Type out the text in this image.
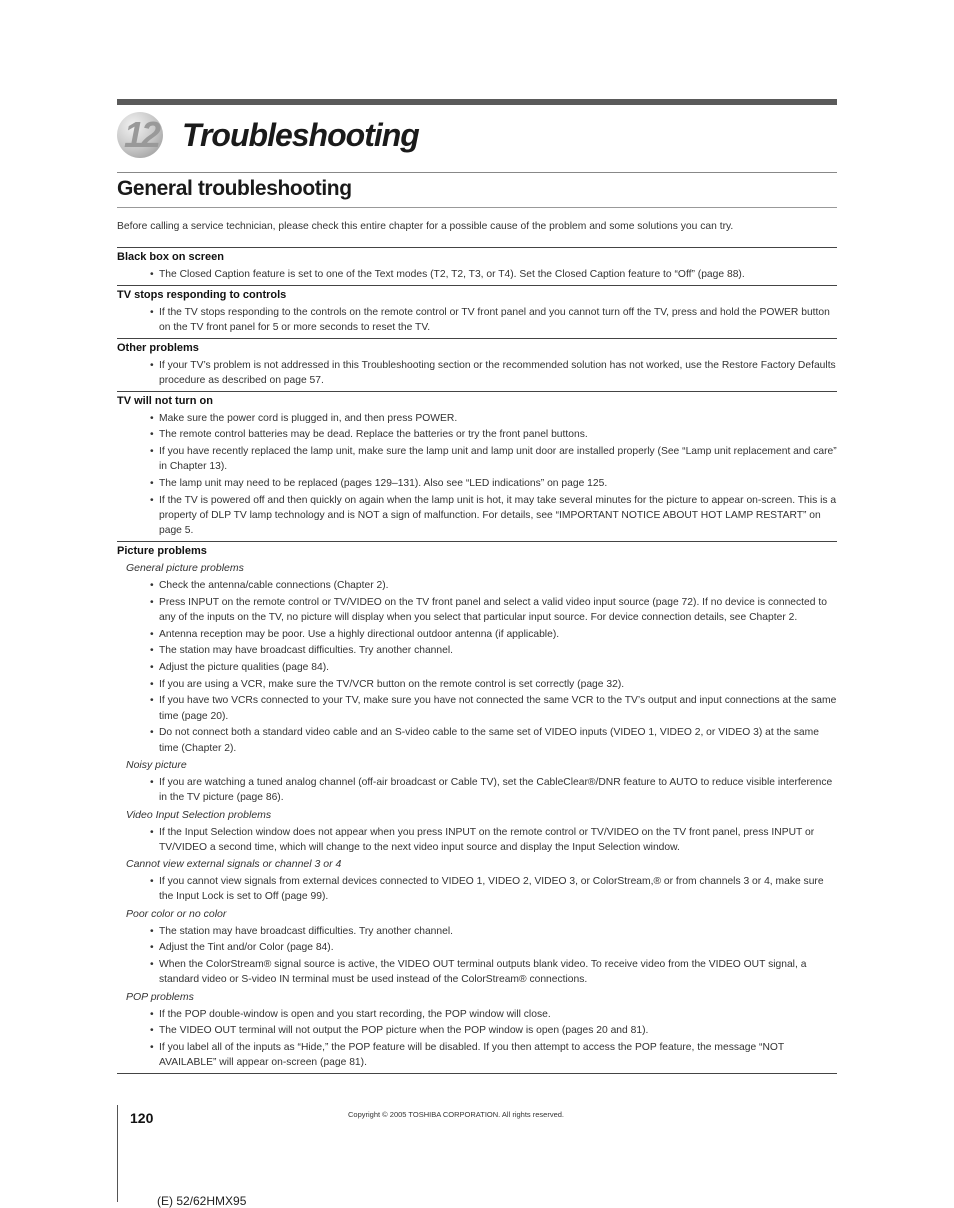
12 Troubleshooting
General troubleshooting
Before calling a service technician, please check this entire chapter for a possible cause of the problem and some solutions you can try.
Black box on screen
• The Closed Caption feature is set to one of the Text modes (T2, T2, T3, or T4). Set the Closed Caption feature to “Off” (page 88).
TV stops responding to controls
• If the TV stops responding to the controls on the remote control or TV front panel and you cannot turn off the TV, press and hold the POWER button on the TV front panel for 5 or more seconds to reset the TV.
Other problems
• If your TV’s problem is not addressed in this Troubleshooting section or the recommended solution has not worked, use the Restore Factory Defaults procedure as described on page 57.
TV will not turn on
• Make sure the power cord is plugged in, and then press POWER.
• The remote control batteries may be dead. Replace the batteries or try the front panel buttons.
• If you have recently replaced the lamp unit, make sure the lamp unit and lamp unit door are installed properly (See “Lamp unit replacement and care” in Chapter 13).
• The lamp unit may need to be replaced (pages 129–131). Also see “LED indications” on page 125.
• If the TV is powered off and then quickly on again when the lamp unit is hot, it may take several minutes for the picture to appear on-screen. This is a property of DLP TV lamp technology and is NOT a sign of malfunction. For details, see “IMPORTANT NOTICE ABOUT HOT LAMP RESTART” on page 5.
Picture problems
General picture problems
• Check the antenna/cable connections (Chapter 2).
• Press INPUT on the remote control or TV/VIDEO on the TV front panel and select a valid video input source (page 72). If no device is connected to any of the inputs on the TV, no picture will display when you select that particular input source. For device connection details, see Chapter 2.
• Antenna reception may be poor. Use a highly directional outdoor antenna (if applicable).
• The station may have broadcast difficulties. Try another channel.
• Adjust the picture qualities (page 84).
• If you are using a VCR, make sure the TV/VCR button on the remote control is set correctly (page 32).
• If you have two VCRs connected to your TV, make sure you have not connected the same VCR to the TV’s output and input connections at the same time (page 20).
• Do not connect both a standard video cable and an S-video cable to the same set of VIDEO inputs (VIDEO 1, VIDEO 2, or VIDEO 3) at the same time (Chapter 2).
Noisy picture
• If you are watching a tuned analog channel (off-air broadcast or Cable TV), set the CableClear®/DNR feature to AUTO to reduce visible interference in the TV picture (page 86).
Video Input Selection problems
• If the Input Selection window does not appear when you press INPUT on the remote control or TV/VIDEO on the TV front panel, press INPUT or TV/VIDEO a second time, which will change to the next video input source and display the Input Selection window.
Cannot view external signals or channel 3 or 4
• If you cannot view signals from external devices connected to VIDEO 1, VIDEO 2, VIDEO 3, or ColorStream,® or from channels 3 or 4, make sure the Input Lock is set to Off (page 99).
Poor color or no color
• The station may have broadcast difficulties. Try another channel.
• Adjust the Tint and/or Color (page 84).
• When the ColorStream® signal source is active, the VIDEO OUT terminal outputs blank video. To receive video from the VIDEO OUT signal, a standard video or S-video IN terminal must be used instead of the ColorStream® connections.
POP problems
• If the POP double-window is open and you start recording, the POP window will close.
• The VIDEO OUT terminal will not output the POP picture when the POP window is open (pages 20 and 81).
• If you label all of the inputs as “Hide,” the POP feature will be disabled. If you then attempt to access the POP feature, the message “NOT AVAILABLE” will appear on-screen (page 81).
120	Copyright © 2005 TOSHIBA CORPORATION. All rights reserved.
(E) 52/62HMX95
